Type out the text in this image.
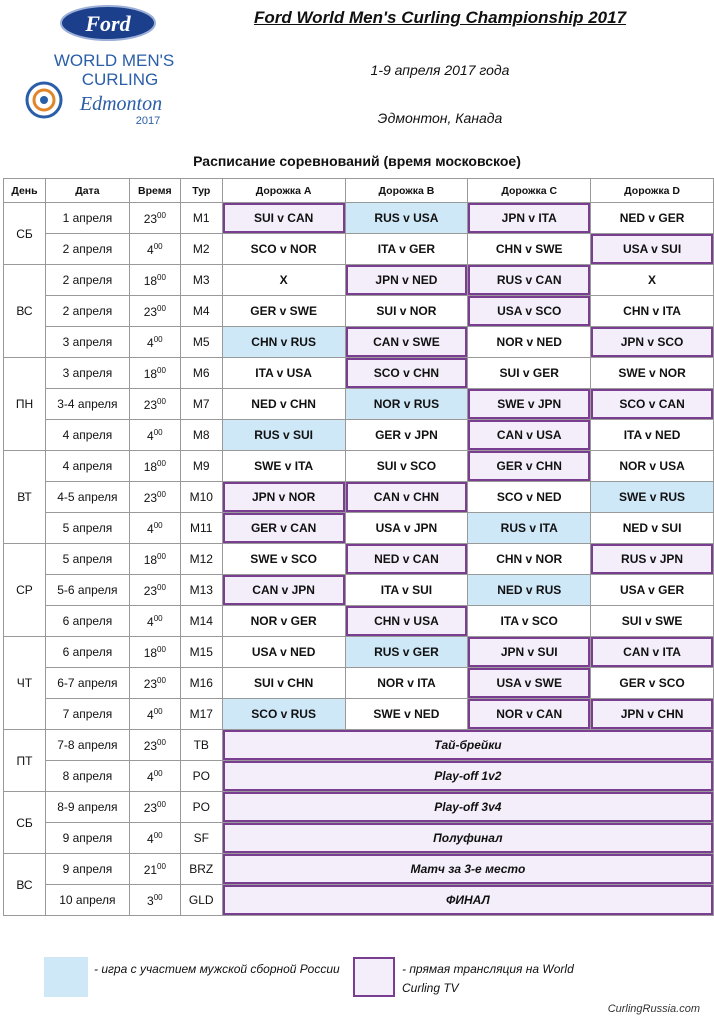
Ford
WORLD MEN'S
CURLING
Edmonton
2017
Ford World Men's Curling Championship 2017
1-9 апреля 2017 года
Эдмонтон, Канада
Расписание соревнований (время московское)
День	Дата	Время	Тур	Дорожка A	Дорожка B	Дорожка C	Дорожка D
СБ	1 апреля	$23^{00}$	M1	SUI v CAN	RUS v USA	JPN v ITA	NED v GER
	2 апреля	$4^{00}$	M2	SCO v NOR	ITA v GER	CHN v SWE	USA v SUI
ВС	2 апреля	$18^{00}$	M3	X	JPN v NED	RUS v CAN	X
	2 апреля	$23^{00}$	M4	GER v SWE	SUI v NOR	USA v SCO	CHN v ITA
	3 апреля	$4^{00}$	M5	CHN v RUS	CAN v SWE	NOR v NED	JPN v SCO
ПН	3 апреля	$18^{00}$	M6	ITA v USA	SCO v CHN	SUI v GER	SWE v NOR
	3-4 апреля	$23^{00}$	M7	NED v CHN	NOR v RUS	SWE v JPN	SCO v CAN
	4 апреля	$4^{00}$	M8	RUS v SUI	GER v JPN	CAN v USA	ITA v NED
ВТ	4 апреля	$18^{00}$	M9	SWE v ITA	SUI v SCO	GER v CHN	NOR v USA
	4-5 апреля	$23^{00}$	M10	JPN v NOR	CAN v CHN	SCO v NED	SWE v RUS
	5 апреля	$4^{00}$	M11	GER v CAN	USA v JPN	RUS v ITA	NED v SUI
СР	5 апреля	$18^{00}$	M12	SWE v SCO	NED v CAN	CHN v NOR	RUS v JPN
	5-6 апреля	$23^{00}$	M13	CAN v JPN	ITA v SUI	NED v RUS	USA v GER
	6 апреля	$4^{00}$	M14	NOR v GER	CHN v USA	ITA v SCO	SUI v SWE
ЧТ	6 апреля	$18^{00}$	M15	USA v NED	RUS v GER	JPN v SUI	CAN v ITA
	6-7 апреля	$23^{00}$	M16	SUI v CHN	NOR v ITA	USA v SWE	GER v SCO
	7 апреля	$4^{00}$	M17	SCO v RUS	SWE v NED	NOR v CAN	JPN v CHN
ПТ	7-8 апреля	$23^{00}$	TB	Тай-брейки			
	8 апреля	$4^{00}$	PO	Play-off 1v2			
СБ	8-9 апреля	$23^{00}$	PO	Play-off 3v4			
	9 апреля	$4^{00}$	SF	Полуфинал			
ВС	9 апреля	$21^{00}$	BRZ	Матч за 3-е место			
	10 апреля	$3^{00}$	GLD	ФИНАЛ			
- игра с участием мужской сборной России	- прямая трансляция на World Curling TV
CurlingRussia.com
